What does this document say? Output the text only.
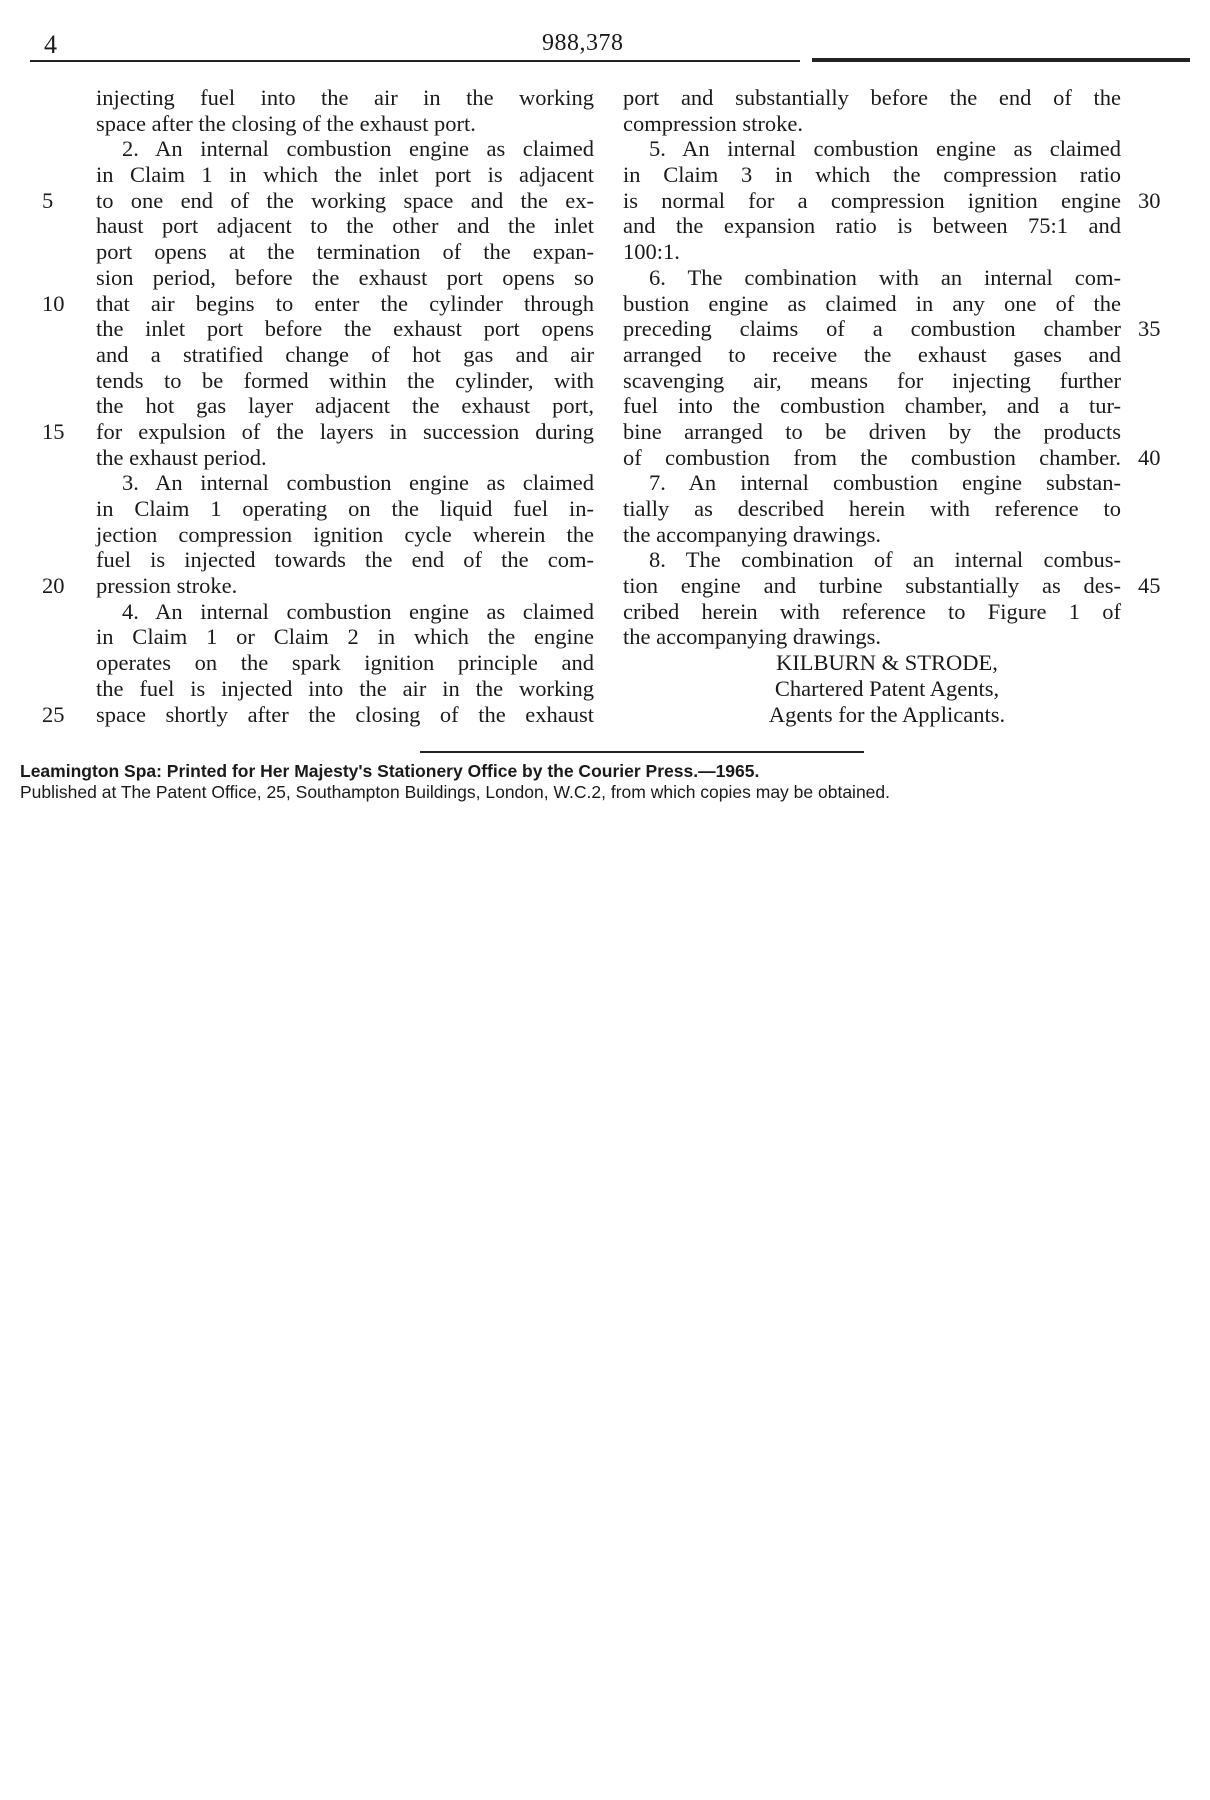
4	988,378
5
10
15
20
25
injecting fuel into the air in the working
space after the closing of the exhaust port.
2. An internal combustion engine as claimed
in Claim 1 in which the inlet port is adjacent
to one end of the working space and the ex-
haust port adjacent to the other and the inlet
port opens at the termination of the expan-
sion period, before the exhaust port opens so
that air begins to enter the cylinder through
the inlet port before the exhaust port opens
and a stratified change of hot gas and air
tends to be formed within the cylinder, with
the hot gas layer adjacent the exhaust port,
for expulsion of the layers in succession during
the exhaust period.
3. An internal combustion engine as claimed
in Claim 1 operating on the liquid fuel in-
jection compression ignition cycle wherein the
fuel is injected towards the end of the com-
pression stroke.
4. An internal combustion engine as claimed
in Claim 1 or Claim 2 in which the engine
operates on the spark ignition principle and
the fuel is injected into the air in the working
space shortly after the closing of the exhaust
port and substantially before the end of the
compression stroke.
5. An internal combustion engine as claimed
in Claim 3 in which the compression ratio
is normal for a compression ignition engine
and the expansion ratio is between 75:1 and
100:1.
6. The combination with an internal com-
bustion engine as claimed in any one of the
preceding claims of a combustion chamber
arranged to receive the exhaust gases and
scavenging air, means for injecting further
fuel into the combustion chamber, and a tur-
bine arranged to be driven by the products
of combustion from the combustion chamber.
7. An internal combustion engine substan-
tially as described herein with reference to
the accompanying drawings.
8. The combination of an internal combus-
tion engine and turbine substantially as des-
cribed herein with reference to Figure 1 of
the accompanying drawings.
KILBURN & STRODE,
Chartered Patent Agents,
Agents for the Applicants.
30
35
40
45
Leamington Spa: Printed for Her Majesty's Stationery Office by the Courier Press.—1965.
Published at The Patent Office, 25, Southampton Buildings, London, W.C.2, from which copies may be obtained.
